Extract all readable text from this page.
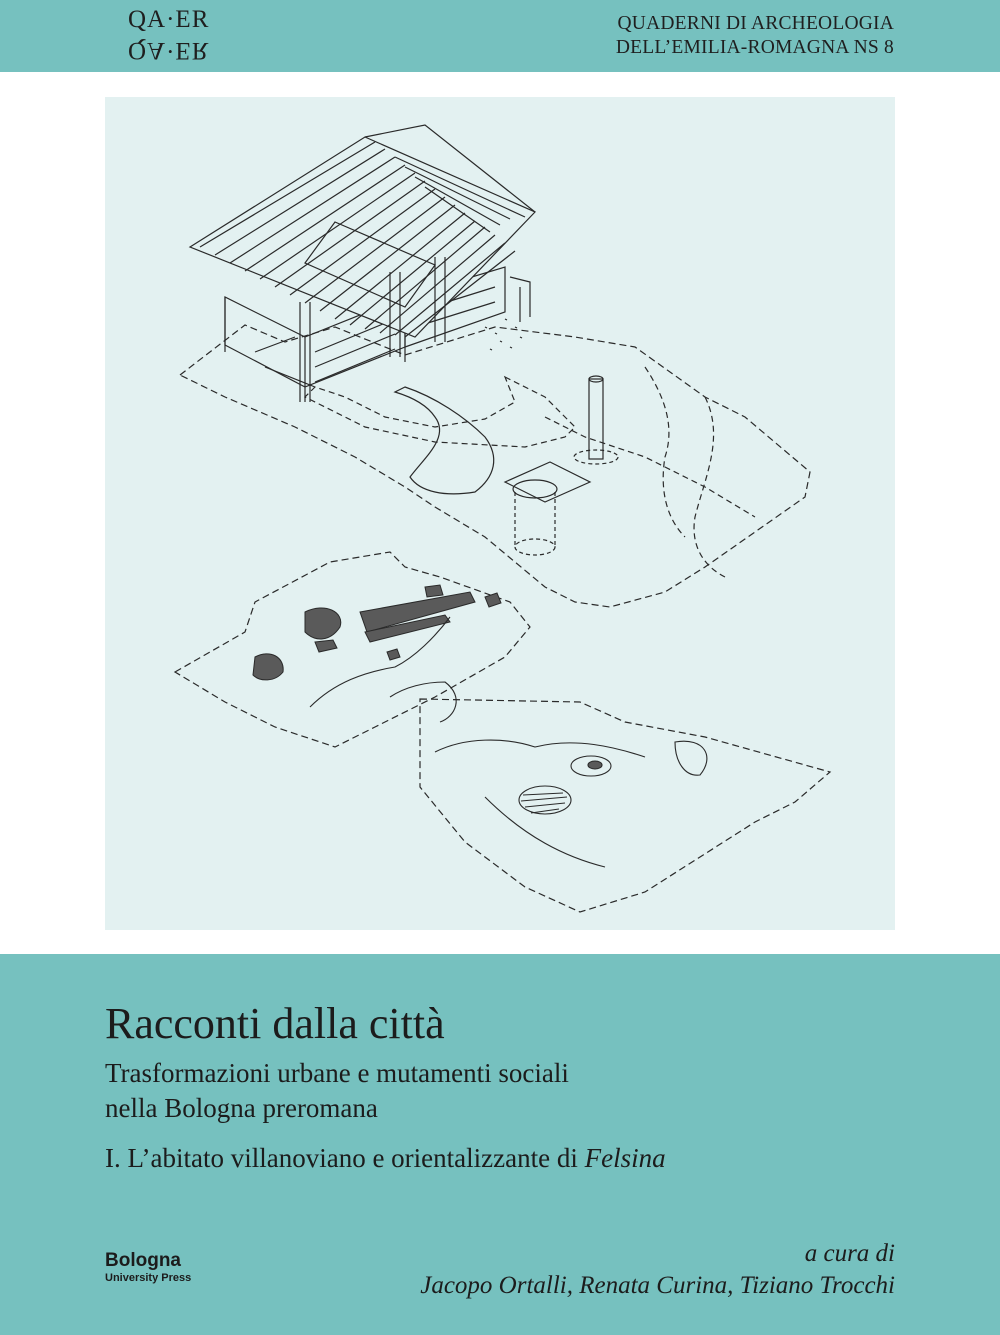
QA·ER
QA·ER
QUADERNI DI ARCHEOLOGIA
DELL’EMILIA-ROMAGNA NS 8
Racconti dalla città
Trasformazioni urbane e mutamenti sociali
nella Bologna preromana
I. L’abitato villanoviano e orientalizzante di Felsina
Bologna
University Press
a cura di
Jacopo Ortalli, Renata Curina, Tiziano Trocchi
